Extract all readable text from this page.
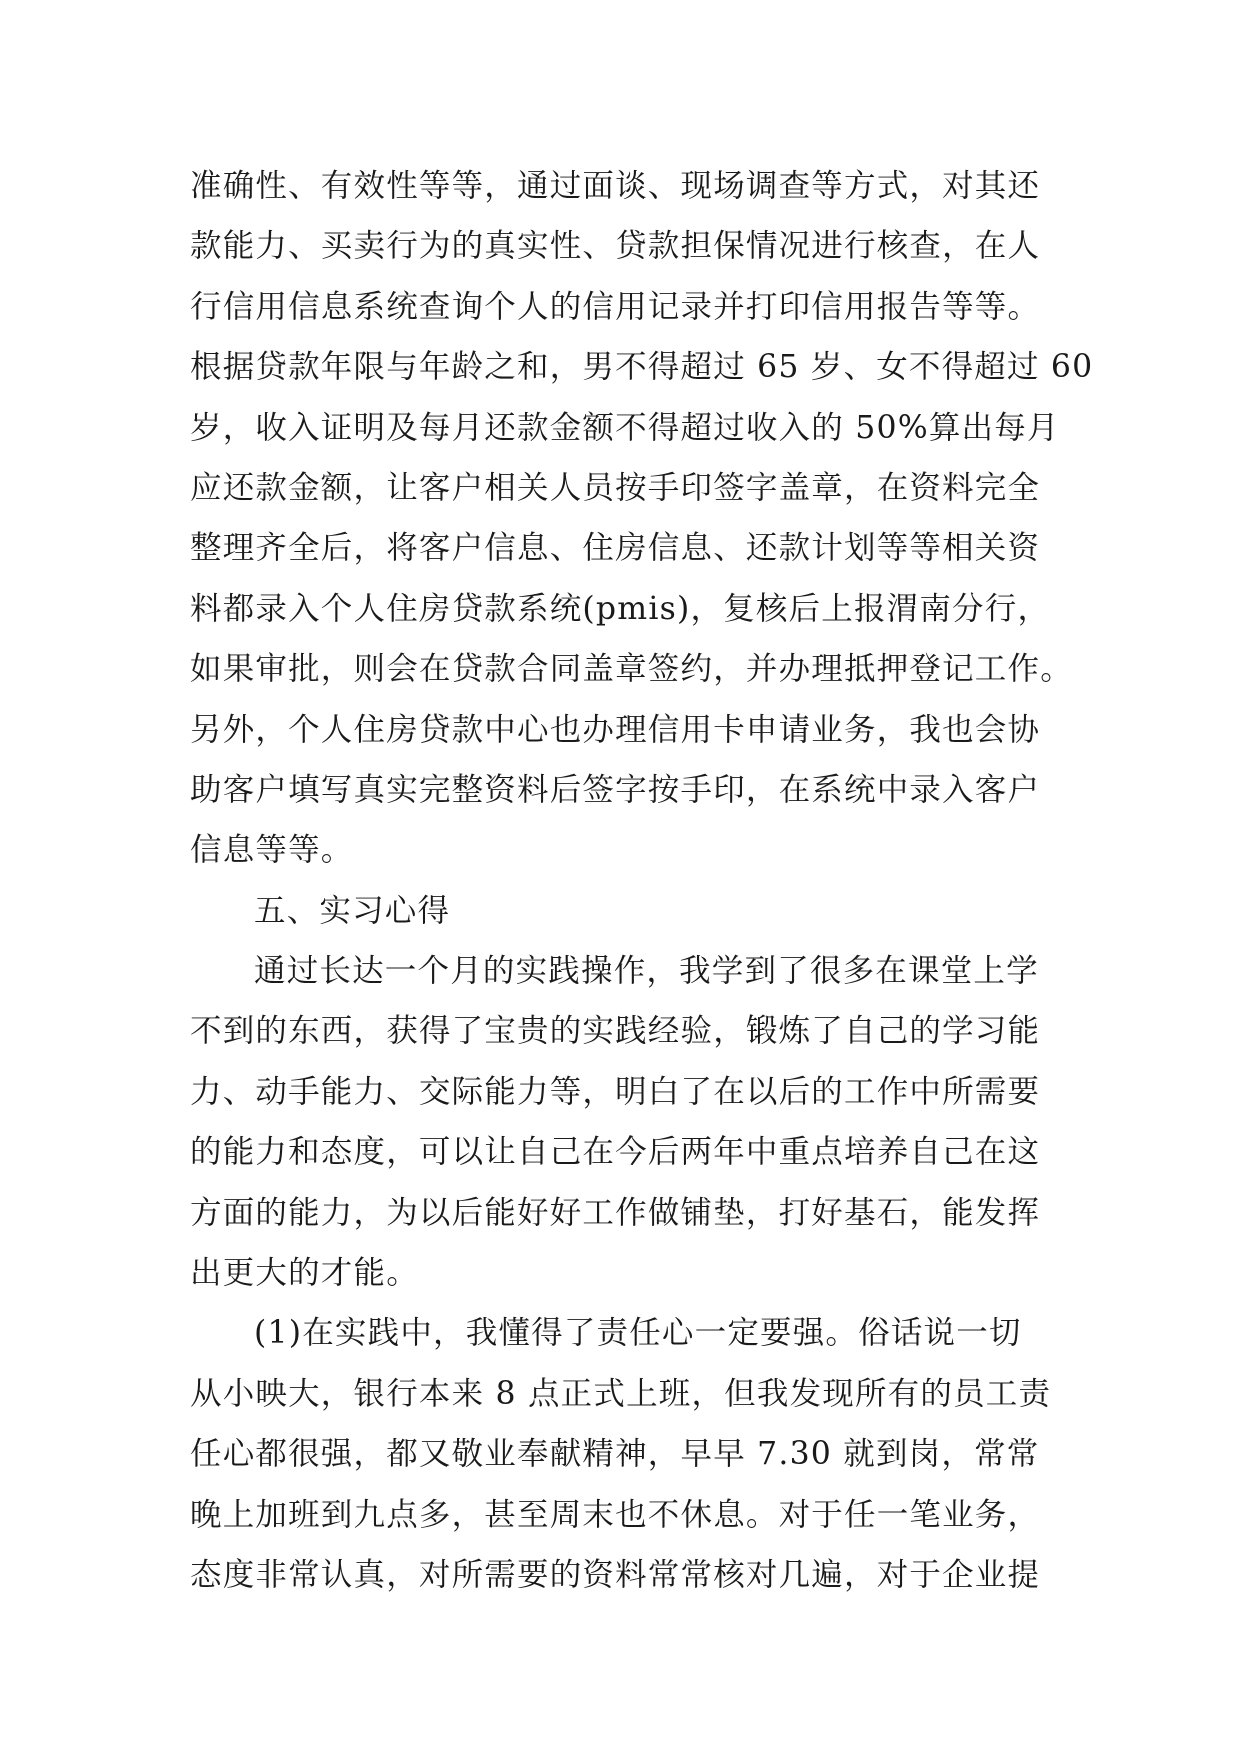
准确性、有效性等等，通过面谈、现场调查等方式，对其还
款能力、买卖行为的真实性、贷款担保情况进行核查，在人
行信用信息系统查询个人的信用记录并打印信用报告等等。
根据贷款年限与年龄之和，男不得超过 65 岁、女不得超过 60
岁，收入证明及每月还款金额不得超过收入的 50%算出每月
应还款金额，让客户相关人员按手印签字盖章，在资料完全
整理齐全后，将客户信息、住房信息、还款计划等等相关资
料都录入个人住房贷款系统(pmis)，复核后上报渭南分行，
如果审批，则会在贷款合同盖章签约，并办理抵押登记工作。
另外，个人住房贷款中心也办理信用卡申请业务，我也会协
助客户填写真实完整资料后签字按手印，在系统中录入客户
信息等等。
五、实习心得
通过长达一个月的实践操作，我学到了很多在课堂上学
不到的东西，获得了宝贵的实践经验，锻炼了自己的学习能
力、动手能力、交际能力等，明白了在以后的工作中所需要
的能力和态度，可以让自己在今后两年中重点培养自己在这
方面的能力，为以后能好好工作做铺垫，打好基石，能发挥
出更大的才能。
(1)在实践中，我懂得了责任心一定要强。俗话说一切
从小映大，银行本来 8 点正式上班，但我发现所有的员工责
任心都很强，都又敬业奉献精神，早早 7.30 就到岗，常常
晚上加班到九点多，甚至周末也不休息。对于任一笔业务，
态度非常认真，对所需要的资料常常核对几遍，对于企业提
